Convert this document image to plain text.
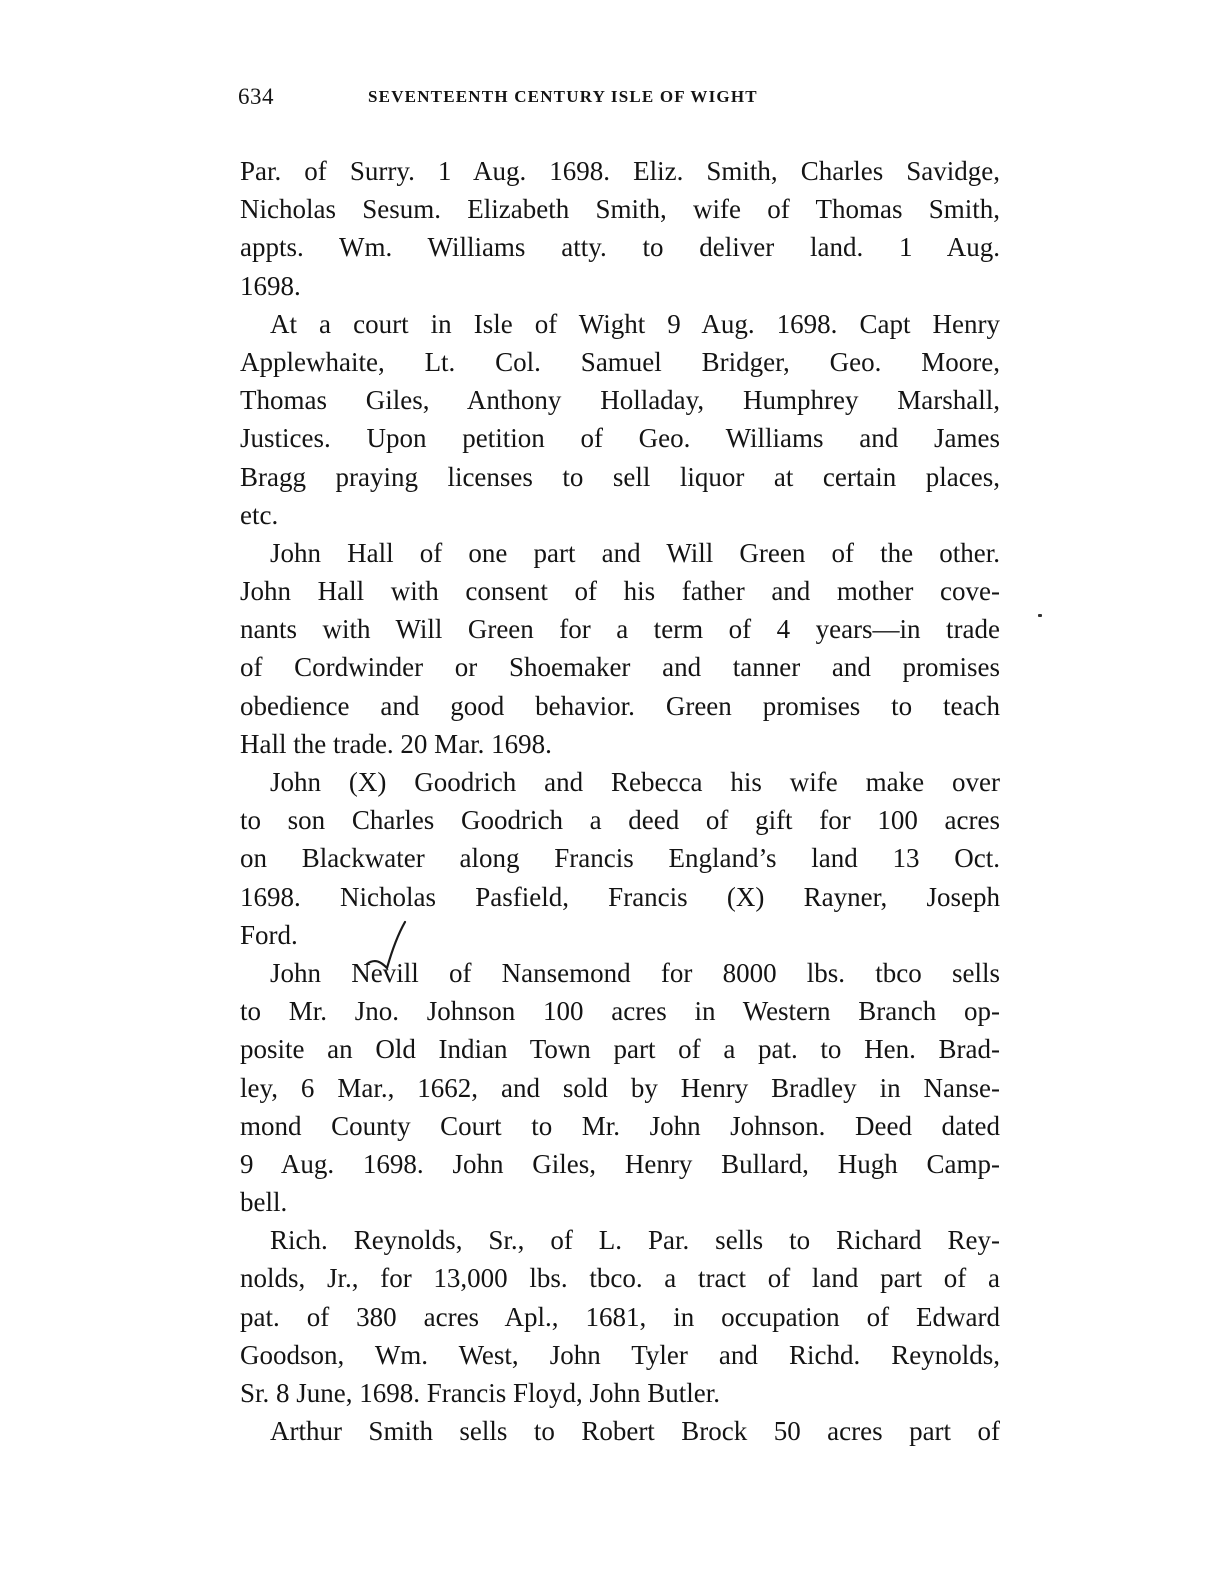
634	SEVENTEENTH CENTURY ISLE OF WIGHT
Par. of Surry. 1 Aug. 1698. Eliz. Smith, Charles Savidge,
Nicholas Sesum. Elizabeth Smith, wife of Thomas Smith,
appts. Wm. Williams atty. to deliver land. 1 Aug.
1698.
At a court in Isle of Wight 9 Aug. 1698. Capt Henry
Applewhaite, Lt. Col. Samuel Bridger, Geo. Moore,
Thomas Giles, Anthony Holladay, Humphrey Marshall,
Justices. Upon petition of Geo. Williams and James
Bragg praying licenses to sell liquor at certain places,
etc.
John Hall of one part and Will Green of the other.
John Hall with consent of his father and mother cove-
nants with Will Green for a term of 4 years—in trade
of Cordwinder or Shoemaker and tanner and promises
obedience and good behavior. Green promises to teach
Hall the trade. 20 Mar. 1698.
John (X) Goodrich and Rebecca his wife make over
to son Charles Goodrich a deed of gift for 100 acres
on Blackwater along Francis England’s land 13 Oct.
1698. Nicholas Pasfield, Francis (X) Rayner, Joseph
Ford.
John Nevill of Nansemond for 8000 lbs. tbco sells
to Mr. Jno. Johnson 100 acres in Western Branch op-
posite an Old Indian Town part of a pat. to Hen. Brad-
ley, 6 Mar., 1662, and sold by Henry Bradley in Nanse-
mond County Court to Mr. John Johnson. Deed dated
9 Aug. 1698. John Giles, Henry Bullard, Hugh Camp-
bell.
Rich. Reynolds, Sr., of L. Par. sells to Richard Rey-
nolds, Jr., for 13,000 lbs. tbco. a tract of land part of a
pat. of 380 acres Apl., 1681, in occupation of Edward
Goodson, Wm. West, John Tyler and Richd. Reynolds,
Sr. 8 June, 1698. Francis Floyd, John Butler.
Arthur Smith sells to Robert Brock 50 acres part of
